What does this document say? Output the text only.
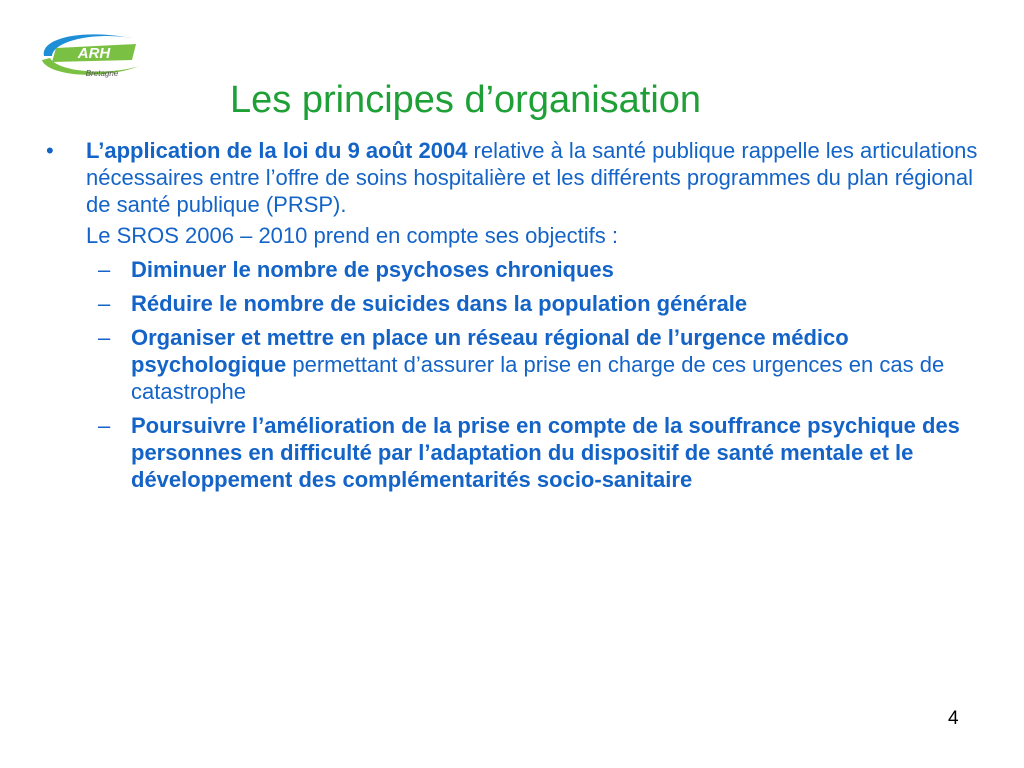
ARH
Bretagne
Les principes d’organisation
• L’application de la loi du 9 août 2004 relative à la santé publique rappelle les articulations nécessaires entre l’offre de soins hospitalière et les différents programmes du plan régional de santé publique (PRSP).
Le SROS 2006 – 2010 prend en compte ses objectifs :
– Diminuer le nombre de psychoses chroniques
– Réduire le nombre de suicides dans la population générale
– Organiser et mettre en place un réseau régional de l’urgence médico psychologique permettant d’assurer la prise en charge de ces urgences en cas de catastrophe
– Poursuivre l’amélioration de la prise en compte de la souffrance psychique des personnes en difficulté par l’adaptation du dispositif de santé mentale et le développement des complémentarités socio-sanitaire
4
